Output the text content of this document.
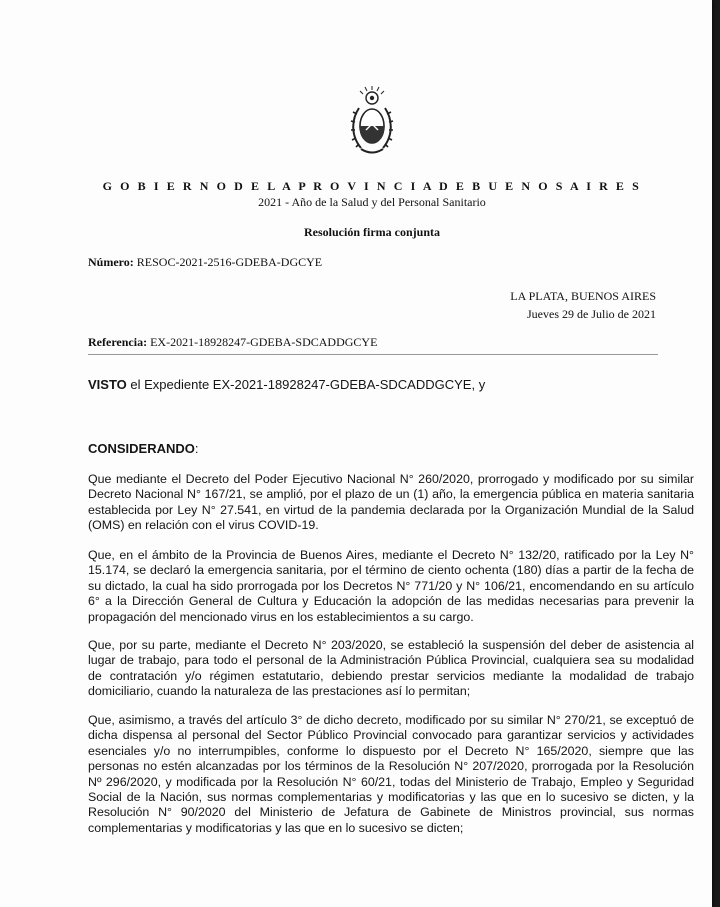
G O B I E R N O D E L A P R O V I N C I A D E B U E N O S A I R E S
2021 - Año de la Salud y del Personal Sanitario
Resolución firma conjunta
Número: RESOC-2021-2516-GDEBA-DGCYE
LA PLATA, BUENOS AIRES
Jueves 29 de Julio de 2021
Referencia: EX-2021-18928247-GDEBA-SDCADDGCYE
VISTO el Expediente EX-2021-18928247-GDEBA-SDCADDGCYE, y
CONSIDERANDO:

Que mediante el Decreto del Poder Ejecutivo Nacional N° 260/2020, prorrogado y modificado por su similar Decreto Nacional N° 167/21, se amplió, por el plazo de un (1) año, la emergencia pública en materia sanitaria establecida por Ley N° 27.541, en virtud de la pandemia declarada por la Organización Mundial de la Salud (OMS) en relación con el virus COVID-19.

Que, en el ámbito de la Provincia de Buenos Aires, mediante el Decreto N° 132/20, ratificado por la Ley N° 15.174, se declaró la emergencia sanitaria, por el término de ciento ochenta (180) días a partir de la fecha de su dictado, la cual ha sido prorrogada por los Decretos N° 771/20 y N° 106/21, encomendando en su artículo 6° a la Dirección General de Cultura y Educación la adopción de las medidas necesarias para prevenir la propagación del mencionado virus en los establecimientos a su cargo.

Que, por su parte, mediante el Decreto N° 203/2020, se estableció la suspensión del deber de asistencia al lugar de trabajo, para todo el personal de la Administración Pública Provincial, cualquiera sea su modalidad de contratación y/o régimen estatutario, debiendo prestar servicios mediante la modalidad de trabajo domiciliario, cuando la naturaleza de las prestaciones así lo permitan;

Que, asimismo, a través del artículo 3° de dicho decreto, modificado por su similar N° 270/21, se exceptuó de dicha dispensa al personal del Sector Público Provincial convocado para garantizar servicios y actividades esenciales y/o no interrumpibles, conforme lo dispuesto por el Decreto N° 165/2020, siempre que las personas no estén alcanzadas por los términos de la Resolución N° 207/2020, prorrogada por la Resolución Nº 296/2020, y modificada por la Resolución N° 60/21, todas del Ministerio de Trabajo, Empleo y Seguridad Social de la Nación, sus normas complementarias y modificatorias y las que en lo sucesivo se dicten, y la Resolución N° 90/2020 del Ministerio de Jefatura de Gabinete de Ministros provincial, sus normas complementarias y modificatorias y las que en lo sucesivo se dicten;
